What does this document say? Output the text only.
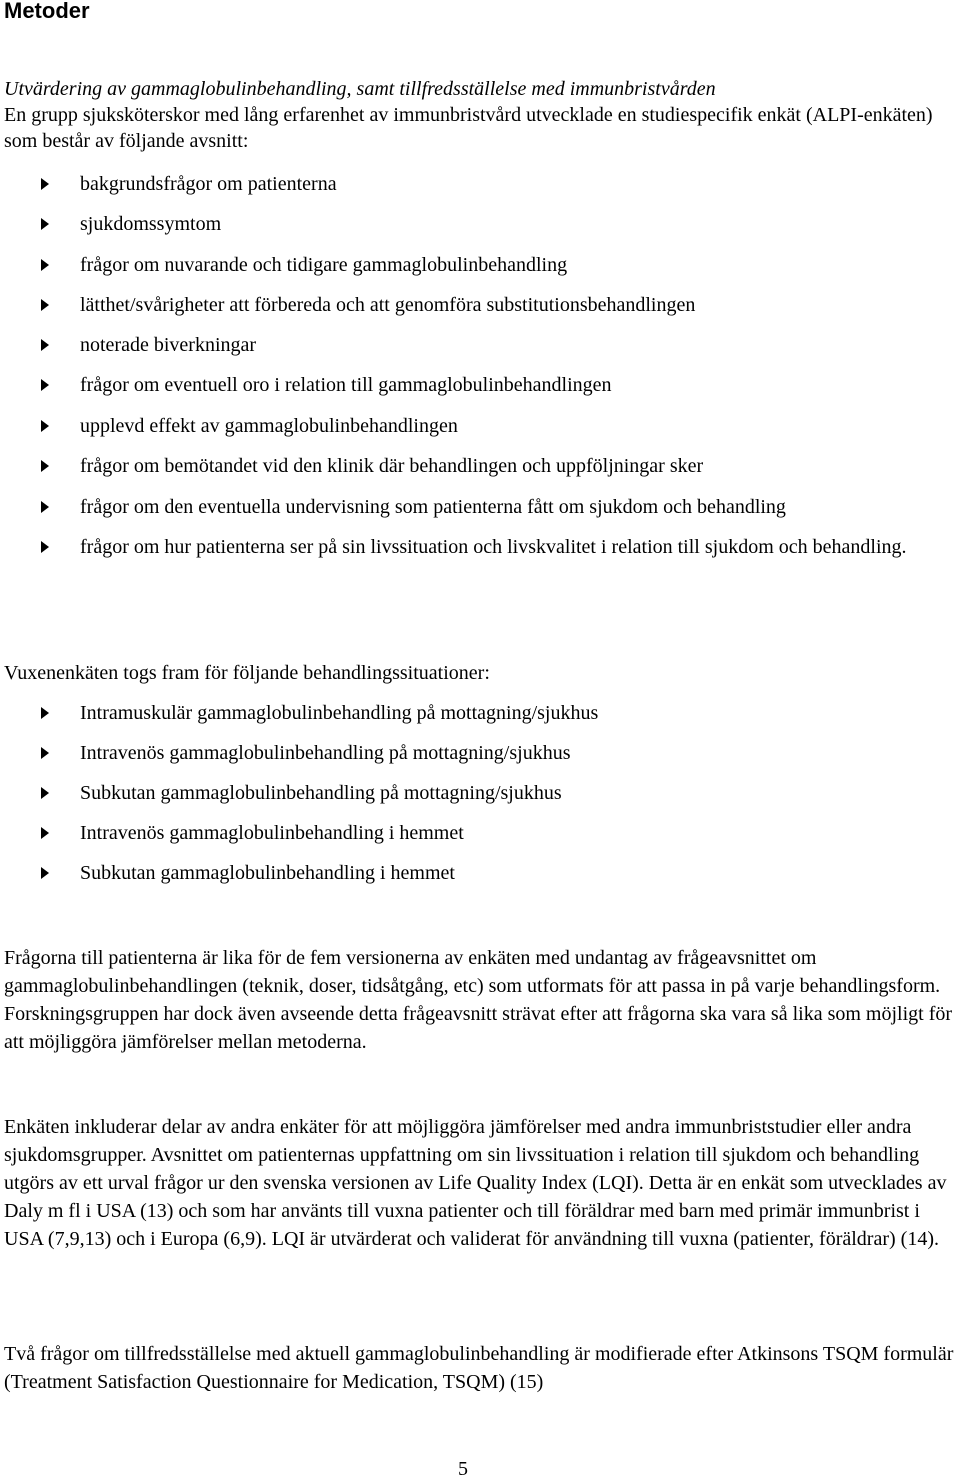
Metoder
Utvärdering av gammaglobulinbehandling, samt tillfredsställelse med immunbristvården

En grupp sjuksköterskor med lång erfarenhet av immunbristvård utvecklade en studiespecifik enkät (ALPI-enkäten) som består av följande avsnitt:

bakgrundsfrågor om patienterna
sjukdomssymtom
frågor om nuvarande och tidigare gammaglobulinbehandling
lätthet/svårigheter att förbereda och att genomföra substitutionsbehandlingen
noterade biverkningar
frågor om eventuell oro i relation till gammaglobulinbehandlingen
upplevd effekt av gammaglobulinbehandlingen
frågor om bemötandet vid den klinik där behandlingen och uppföljningar sker
frågor om den eventuella undervisning som patienterna fått om sjukdom och behandling
frågor om hur patienterna ser på sin livssituation och livskvalitet i relation till sjukdom och behandling.

Vuxenenkäten togs fram för följande behandlingssituationer:

Intramuskulär gammaglobulinbehandling på mottagning/sjukhus
Intravenös gammaglobulinbehandling på mottagning/sjukhus
Subkutan gammaglobulinbehandling på mottagning/sjukhus
Intravenös gammaglobulinbehandling i hemmet
Subkutan gammaglobulinbehandling i hemmet

Frågorna till patienterna är lika för de fem versionerna av enkäten med undantag av frågeavsnittet om gammaglobulinbehandlingen (teknik, doser, tidsåtgång, etc) som utformats för att passa in på varje behandlingsform. Forskningsgruppen har dock även avseende detta frågeavsnitt strävat efter att frågorna ska vara så lika som möjligt för att möjliggöra jämförelser mellan metoderna.

Enkäten inkluderar delar av andra enkäter för att möjliggöra jämförelser med andra immunbriststudier eller andra sjukdomsgrupper. Avsnittet om patienternas uppfattning om sin livssituation i relation till sjukdom och behandling utgörs av ett urval frågor ur den svenska versionen av Life Quality Index (LQI). Detta är en enkät som utvecklades av Daly m fl i USA (13) och som har använts till vuxna patienter och till föräldrar med barn med primär immunbrist i USA (7,9,13) och i Europa (6,9). LQI är utvärderat och validerat för användning till vuxna (patienter, föräldrar) (14).

Två frågor om tillfredsställelse med aktuell gammaglobulinbehandling är modifierade efter Atkinsons TSQM formulär (Treatment Satisfaction Questionnaire for Medication, TSQM) (15)

5
